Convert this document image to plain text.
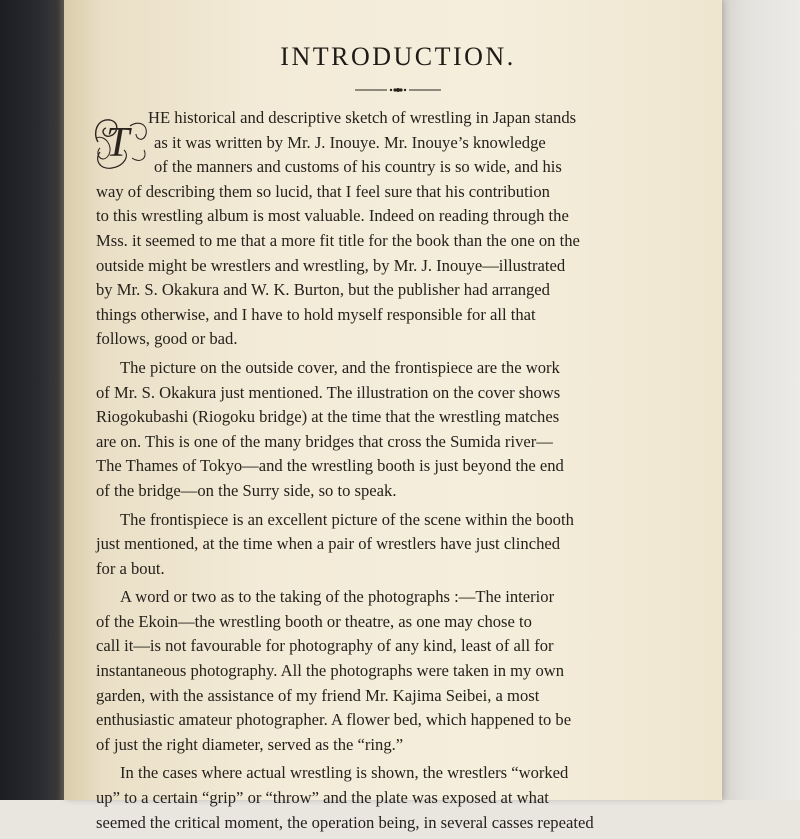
INTRODUCTION.
T
HE historical and descriptive sketch of wrestling in Japan stands
as it was written by Mr. J. Inouye. Mr. Inouye’s knowledge
of the manners and customs of his country is so wide, and his
way of describing them so lucid, that I feel sure that his contribution
to this wrestling album is most valuable. Indeed on reading through the
Mss. it seemed to me that a more fit title for the book than the one on the
outside might be wrestlers and wrestling, by Mr. J. Inouye—illustrated
by Mr. S. Okakura and W. K. Burton, but the publisher had arranged
things otherwise, and I have to hold myself responsible for all that
follows, good or bad.
The picture on the outside cover, and the frontispiece are the work
of Mr. S. Okakura just mentioned. The illustration on the cover shows
Riogokubashi (Riogoku bridge) at the time that the wrestling matches
are on. This is one of the many bridges that cross the Sumida river—
The Thames of Tokyo—and the wrestling booth is just beyond the end
of the bridge—on the Surry side, so to speak.
The frontispiece is an excellent picture of the scene within the booth
just mentioned, at the time when a pair of wrestlers have just clinched
for a bout.
A word or two as to the taking of the photographs :—The interior
of the Ekoin—the wrestling booth or theatre, as one may chose to
call it—is not favourable for photography of any kind, least of all for
instantaneous photography. All the photographs were taken in my own
garden, with the assistance of my friend Mr. Kajima Seibei, a most
enthusiastic amateur photographer. A flower bed, which happened to be
of just the right diameter, served as the “ring.”
In the cases where actual wrestling is shown, the wrestlers “worked
up” to a certain “grip” or “throw” and the plate was exposed at what
seemed the critical moment, the operation being, in several casses repeated
